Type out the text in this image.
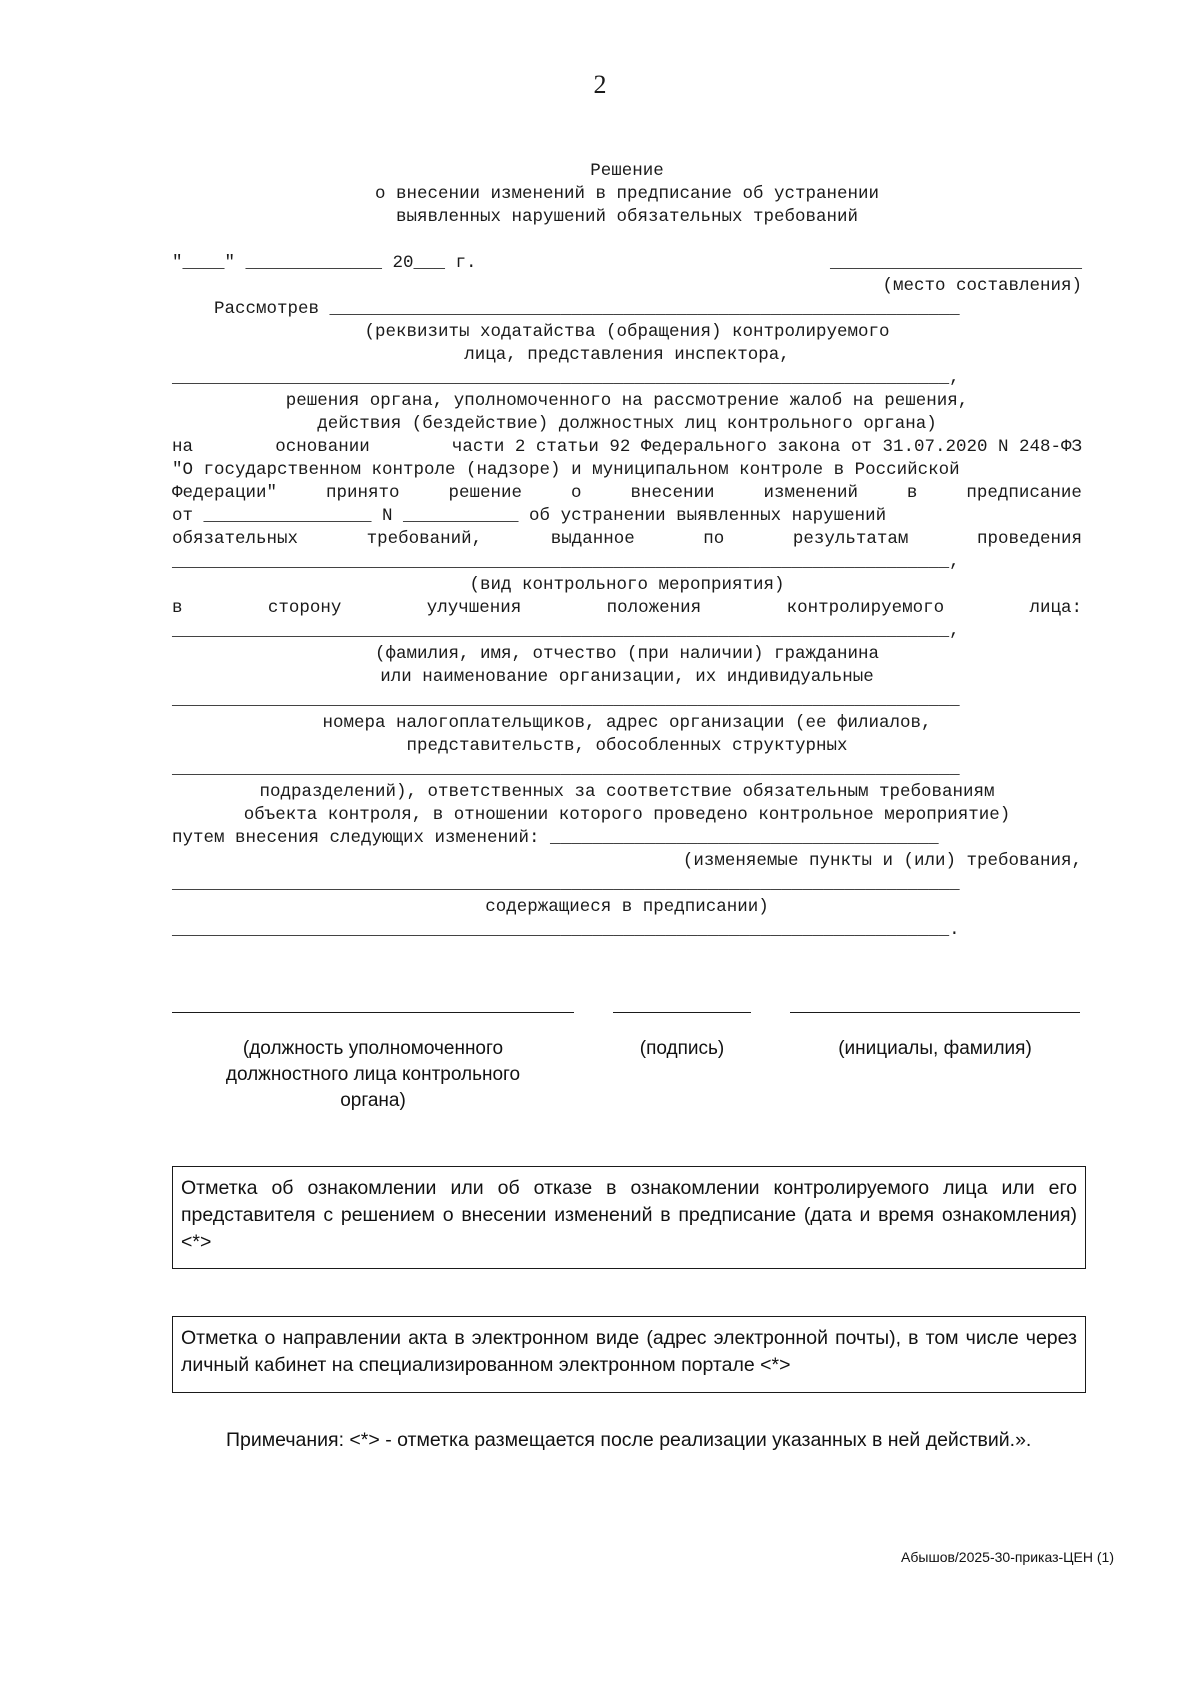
2

Решение

о внесении изменений в предписание об устранении

выявленных нарушений обязательных требований

"____" _____________ 20___ г.	________________________

(место составления)

Рассмотрев ____________________________________________________________

(реквизиты ходатайства (обращения) контролируемого

лица, представления инспектора,

__________________________________________________________________________,

решения органа, уполномоченного на рассмотрение жалоб на решения,

действия (бездействие) должностных лиц контрольного органа)

на	основании	части 2 статьи 92 Федерального закона от 31.07.2020 N 248-ФЗ

"О государственном контроле (надзоре) и муниципальном контроле в Российской

Федерации"	принято	решение	о	внесении	изменений	в	предписание

от ________________ N ___________ об устранении выявленных нарушений

обязательных	требований,	выданное	по	результатам	проведения

__________________________________________________________________________,

(вид контрольного мероприятия)

в	сторону	улучшения	положения	контролируемого	лица:

__________________________________________________________________________,

(фамилия, имя, отчество (при наличии) гражданина

или наименование организации, их индивидуальные

___________________________________________________________________________

номера налогоплательщиков, адрес организации (ее филиалов,

представительств, обособленных структурных

___________________________________________________________________________

подразделений), ответственных за соответствие обязательным требованиям

объекта контроля, в отношении которого проведено контрольное мероприятие)

путем внесения следующих изменений: _____________________________________

(изменяемые пункты и (или) требования,

___________________________________________________________________________

содержащиеся в предписании)

__________________________________________________________________________.

(должность уполномоченного
должностного лица контрольного
органа)
(подпись)	(инициалы, фамилия)
Отметка об ознакомлении или об отказе в ознакомлении контролируемого лица или его
представителя с решением о внесении изменений в предписание (дата и время ознакомления)
<*>
Отметка о направлении акта в электронном виде (адрес электронной почты), в том числе через
личный кабинет на специализированном электронном портале <*>
Примечания: <*> - отметка размещается после реализации указанных в ней действий.».
Абышов/2025-30-приказ-ЦЕН (1)
